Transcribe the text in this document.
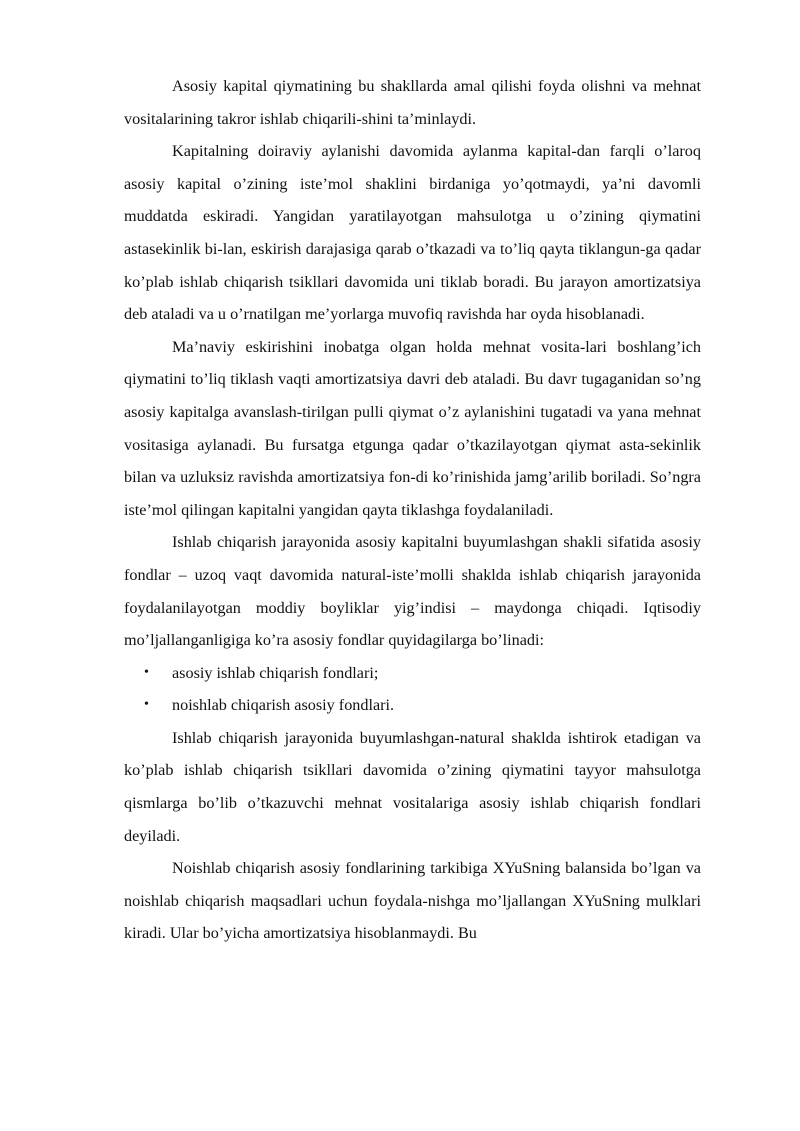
Asosiy kapital qiymatining bu shakllarda amal qilishi foyda olishni va mehnat vositalarining takror ishlab chiqarili-shini ta’minlaydi.

Kapitalning doiraviy aylanishi davomida aylanma kapital-dan farqli o’laroq asosiy kapital o’zining iste’mol shaklini birdaniga yo’qotmaydi, ya’ni davomli muddatda eskiradi. Yangidan yaratilayotgan mahsulotga u o’zining qiymatini astasekinlik bi-lan, eskirish darajasiga qarab o’tkazadi va to’liq qayta tiklangun-ga qadar ko’plab ishlab chiqarish tsikllari davomida uni tiklab boradi. Bu jarayon amortizatsiya deb ataladi va u o’rnatilgan me’yorlarga muvofiq ravishda har oyda hisoblanadi.

Ma’naviy eskirishini inobatga olgan holda mehnat vosita-lari boshlang’ich qiymatini to’liq tiklash vaqti amortizatsiya davri deb ataladi. Bu davr tugaganidan so’ng asosiy kapitalga avanslash-tirilgan pulli qiymat o’z aylanishini tugatadi va yana mehnat vositasiga aylanadi. Bu fursatga etgunga qadar o’tkazilayotgan qiymat asta-sekinlik bilan va uzluksiz ravishda amortizatsiya fon-di ko’rinishida jamg’arilib boriladi. So’ngra iste’mol qilingan kapitalni yangidan qayta tiklashga foydalaniladi.

Ishlab chiqarish jarayonida asosiy kapitalni buyumlashgan shakli sifatida asosiy fondlar – uzoq vaqt davomida natural-iste’molli shaklda ishlab chiqarish jarayonida foydalanilayotgan moddiy boyliklar yig’indisi – maydonga chiqadi. Iqtisodiy mo’ljallanganligiga ko’ra asosiy fondlar quyidagilarga bo’linadi:

• asosiy ishlab chiqarish fondlari;
• noishlab chiqarish asosiy fondlari.

Ishlab chiqarish jarayonida buyumlashgan-natural shaklda ishtirok etadigan va ko’plab ishlab chiqarish tsikllari davomida o’zining qiymatini tayyor mahsulotga qismlarga bo’lib o’tkazuvchi mehnat vositalariga asosiy ishlab chiqarish fondlari deyiladi.

Noishlab chiqarish asosiy fondlarining tarkibiga XYuSning balansida bo’lgan va noishlab chiqarish maqsadlari uchun foydala-nishga mo’ljallangan XYuSning mulklari kiradi. Ular bo’yicha amortizatsiya hisoblanmaydi. Bu
